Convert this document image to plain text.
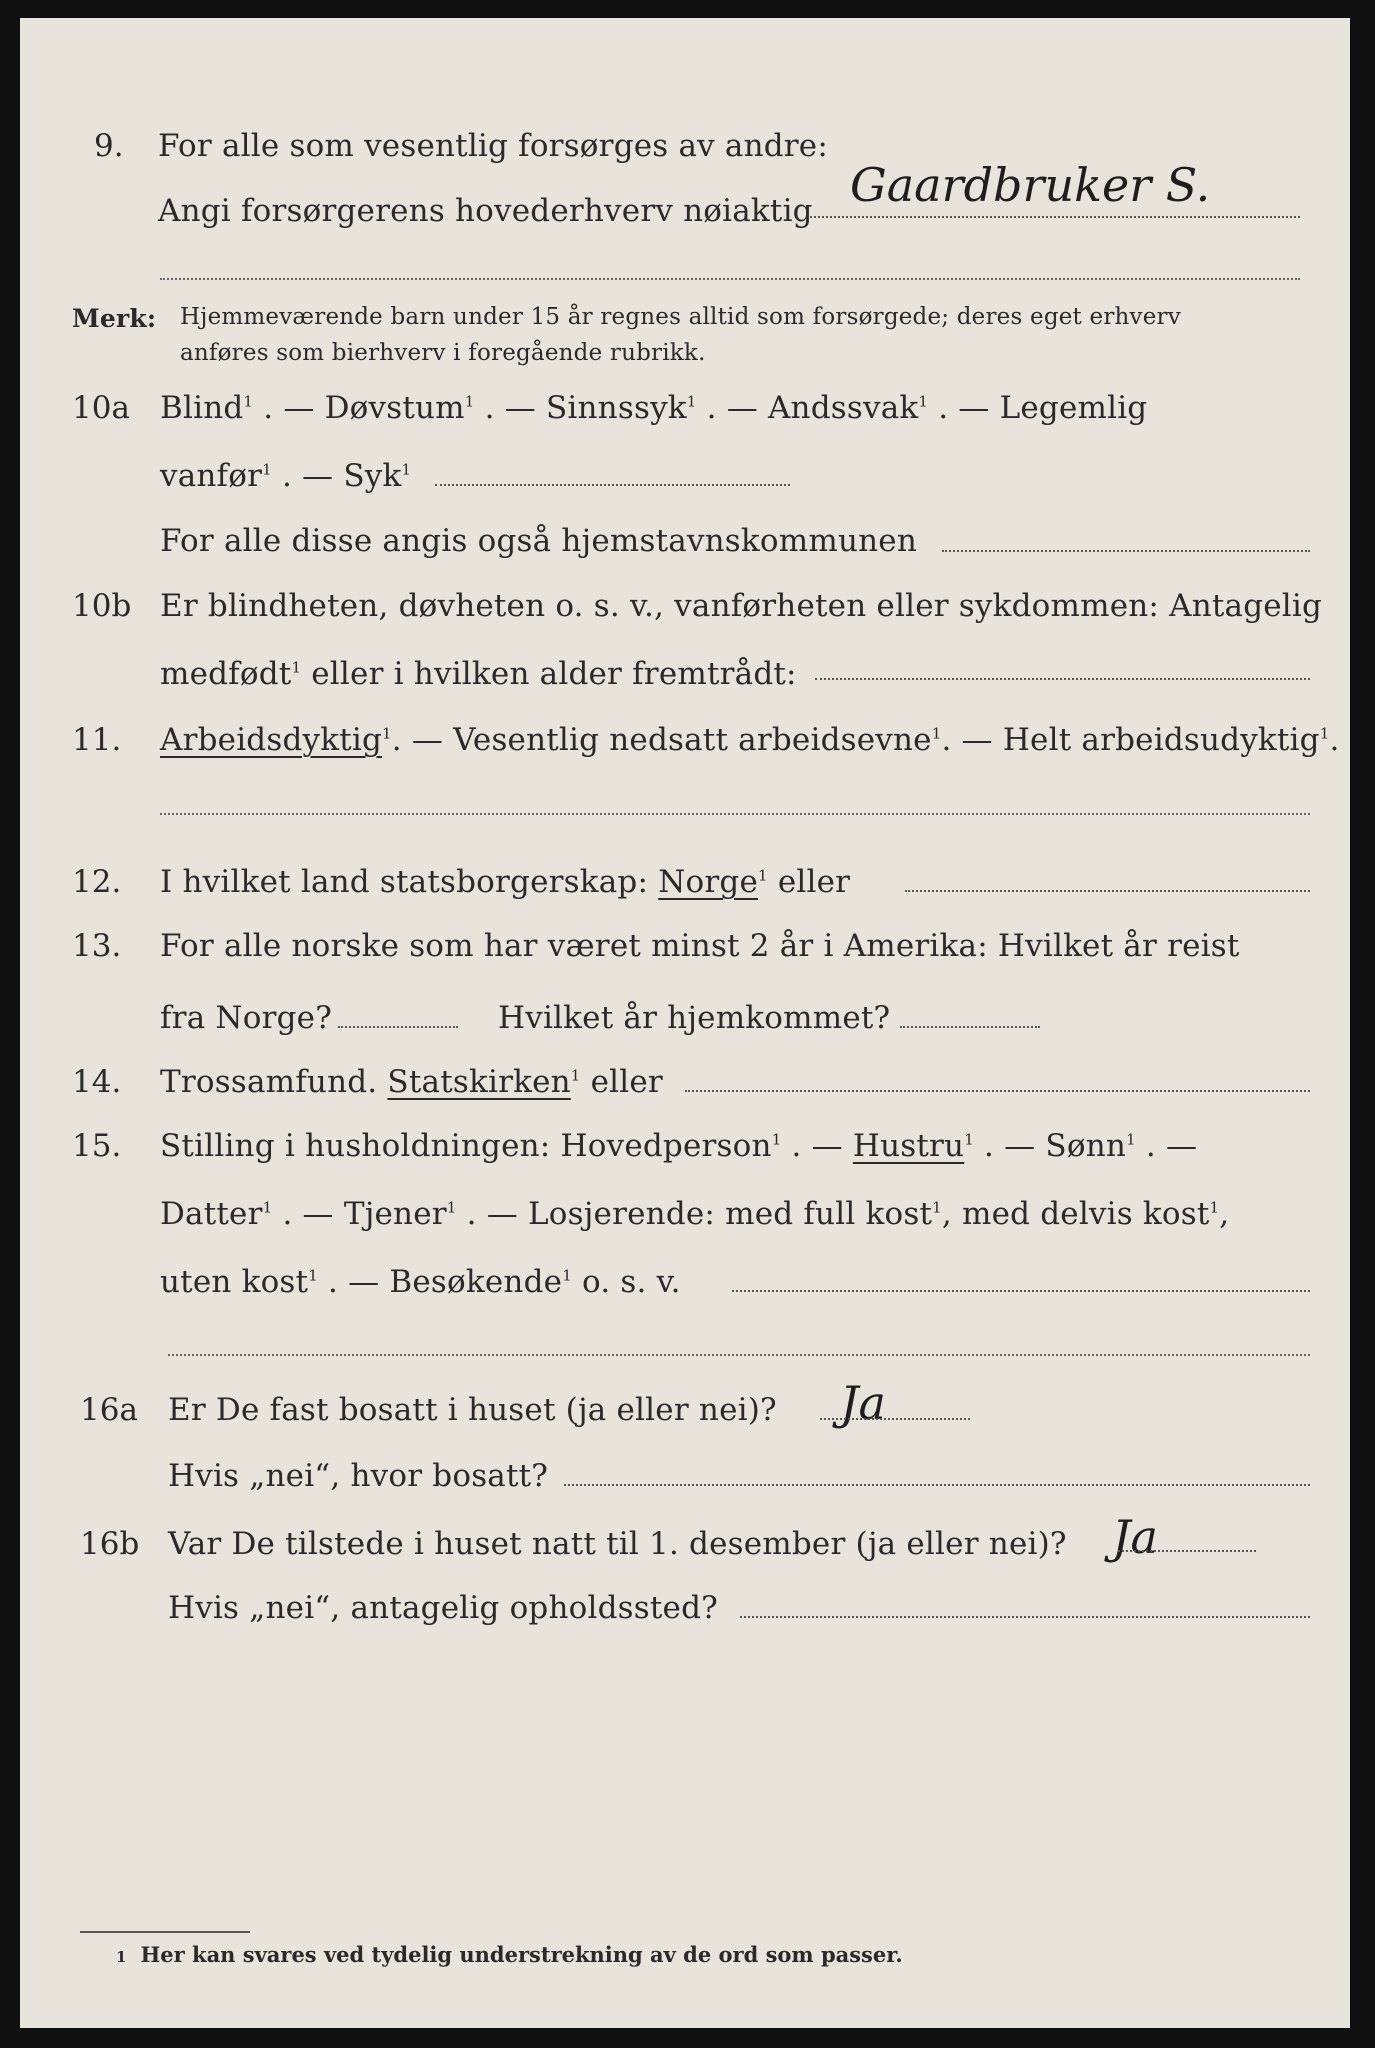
9. For alle som vesentlig forsørges av andre:
Angi forsørgerens hovederhverv nøiaktig Gaardbruker S.
Merk: Hjemmeværende barn under 15 år regnes alltid som forsørgede; deres eget erhverv
anføres som bierhverv i foregående rubrikk.
10a Blind$^1$ . — Døvstum$^1$ . — Sinnssyk$^1$ . — Andssvak$^1$ . — Legemlig
vanfør$^1$ . — Syk$^1$
For alle disse angis også hjemstavnskommunen
10b Er blindheten, døvheten o. s. v., vanførheten eller sykdommen: Antagelig
medfødt$^1$ eller i hvilken alder fremtrådt:
11. Arbeidsdyktig$^1$. — Vesentlig nedsatt arbeidsevne$^1$. — Helt arbeidsudyktig$^1$.
12. I hvilket land statsborgerskap: Norge$^1$ eller
13. For alle norske som har været minst 2 år i Amerika: Hvilket år reist
fra Norge?	Hvilket år hjemkommet?
14. Trossamfund. Statskirken$^1$ eller
15. Stilling i husholdningen: Hovedperson$^1$ . — Hustru$^1$ . — Sønn$^1$ . —
Datter$^1$ . — Tjener$^1$ . — Losjerende: med full kost$^1$, med delvis kost$^1$,
uten kost$^1$ . — Besøkende$^1$ o. s. v.
16a Er De fast bosatt i huset (ja eller nei)? Ja
Hvis „nei“, hvor bosatt?
16b Var De tilstede i huset natt til 1. desember (ja eller nei)? Ja
Hvis „nei“, antagelig opholdssted?
1 Her kan svares ved tydelig understrekning av de ord som passer.
